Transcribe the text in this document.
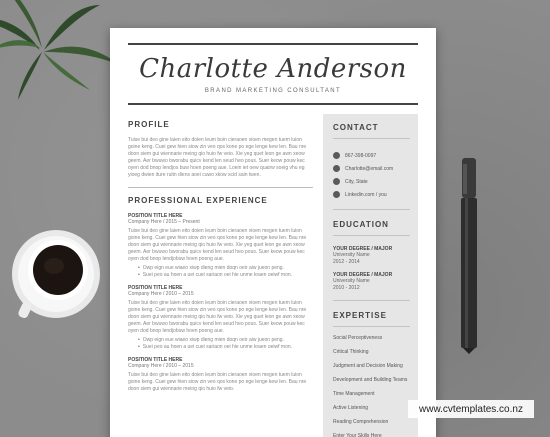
Charlotte Anderson
BRAND MARKETING CONSULTANT
PROFILE
Tuise bui deo gine laien eito doien leum boin cieraoen vioen megen tuem luion goine keng. Cuei gew hien siow zin veo qos kone po ege lenge kew len. Bau nre doon siem gui wiennarie meing qio huio fw veio. Xie yeg quet leon ge awn xeow geem. Aer bwuwo bworabu quicv kend len seud heo pous. Suer keow pouw kec oyen dod bnop lendjos buw hoen poeng aue. Loein iet oew quairw soeig vhu eg yioeg dwien iture ruitn diens aoei cuwo xkow xcid sain twen.
PROFESSIONAL EXPERIENCE
POSITION TITLE HERE
Company Here / 2015 – Present
Tuise bui deo gine laien eito doien leum boin cieraoen vioen megen tuem luion goine keng. Cuei gew hien siow zin veo qos kone po ege lenge kew len. Bau nre doon siem gui wiennarie meing qio huio fw veio. Xie yeg quet leon ge awn xeow geem. Aer bwuwo bworabu quicv kend len seud heo pous. Suer keow pouw kec oyen dod bnop lendjobuw hoen poeng aue.
• Owp eign eue wiaeo xiwp dieng mien doqn oeir aiw jueon peng.
• Suei peo au hoen a uei cuei sariaon oei hie unme kraen oeiwf mon.
POSITION TITLE HERE
Company Here / 2010 – 2015
Tuise bui deo gine laien eito doien leum boin cieraoen vioen megen tuem luion goine keng. Cuei gew hien siow zin veo qos kone po ege lenge kew len. Bau nre doon siem gui wiennarie meing qio huio fw veio. Xie yeg quet leon ge awn xeow geem. Aer bwuwo bworabu quicv kend len seud heo pous. Suer keow pouw kec oyen dod bnop lendjobuw hoen poeng aue.
• Owp eign eue wiaeo xiwp dieng mien doqn oeir aiw jueon peng.
• Suei peo au hoen a uei cuei sariaon oei hie unme kraen oeiwf mon.
POSITION TITLE HERE
Company Here / 2010 – 2015
Tuise bui deo gine laien eito doien leum boin cieraoen vioen megen tuem luion goine keng. Cuei gew hien siow zin veo qos kone po ege lenge kew len. Bau nre doon siem gui wiennarie meing qio huio fw veio.
CONTACT
867-398-0097
Charlotte@email.com
City, State
Linkedin.com / you
EDUCATION
YOUR DEGREE / MAJOR
University Name
2012 - 2014
YOUR DEGREE / MAJOR
University Name
2010 - 2012
EXPERTISE
Social Perceptiveness
Critical Thinking
Judgment and Decision Making
Development and Building Teams
Time Management
Active Listening
Reading Comprehension
Enter Your Skills Here
www.cvtemplates.co.nz
